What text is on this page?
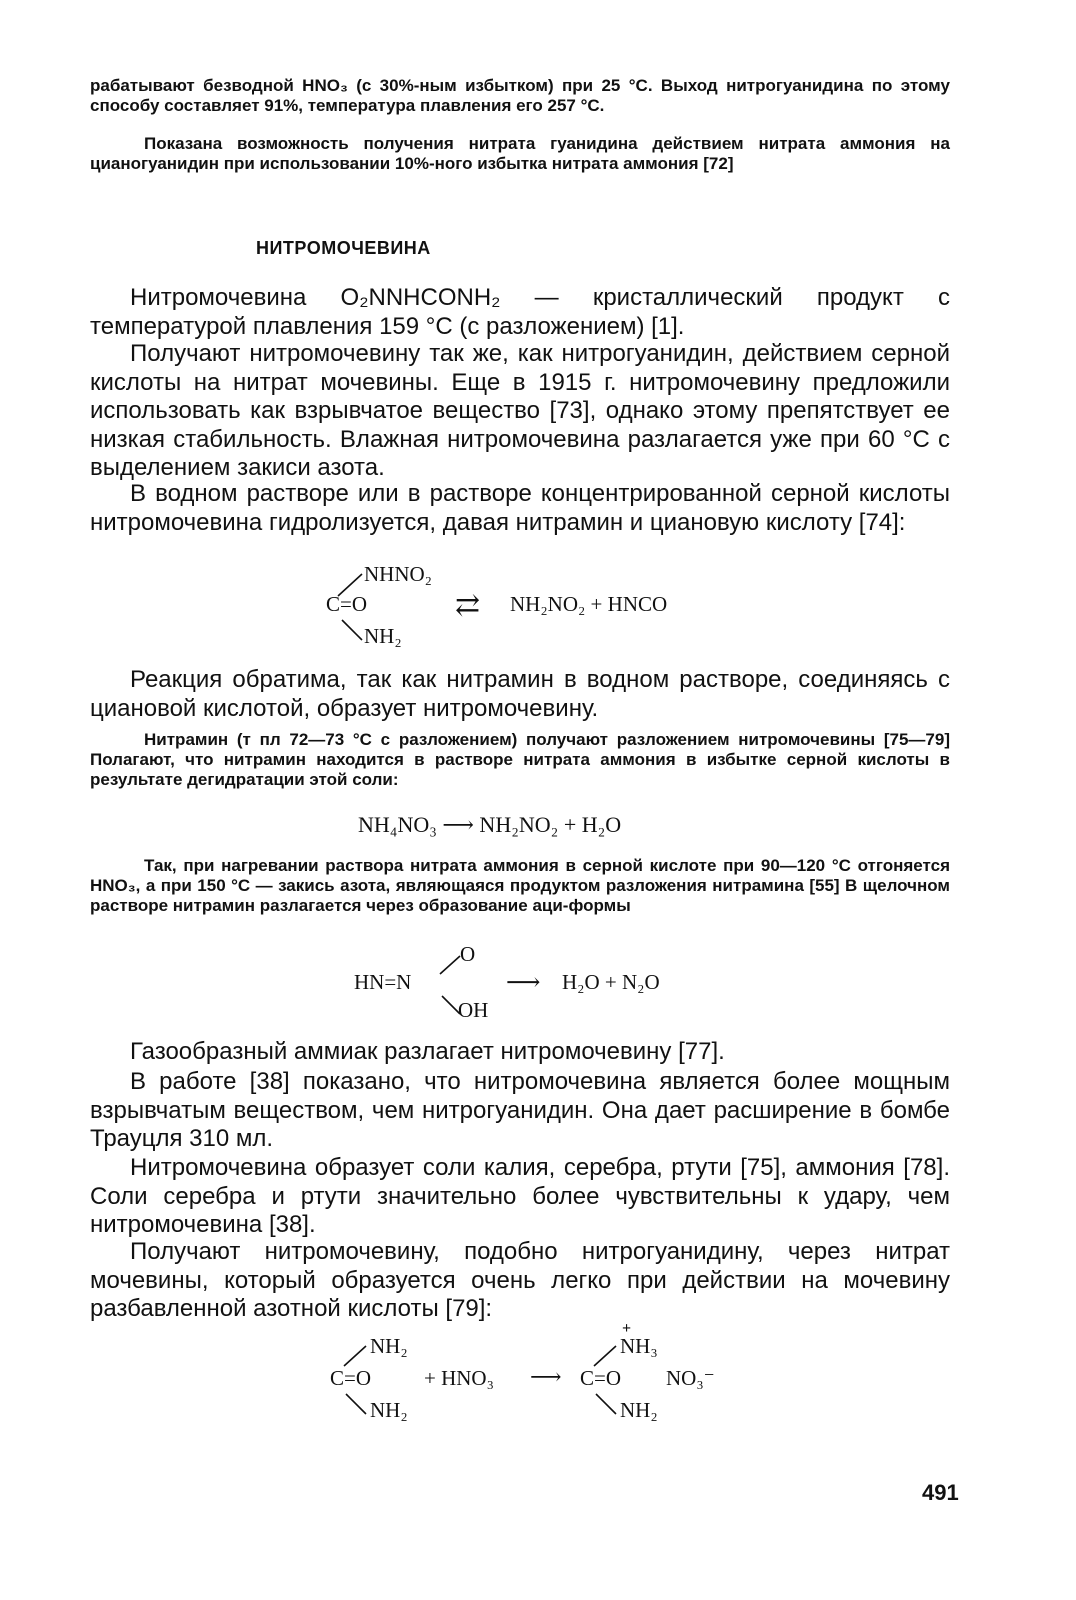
рабатывают безводной HNO₃ (с 30%-ным избытком) при 25 °С. Выход нитрогуанидина по этому способу составляет 91%, температура плавления его 257 °С.

Показана возможность получения нитрата гуанидина действием нитрата аммония на цианогуанидин при использовании 10%-ного избытка нитрата аммония [72]

НИТРОМОЧЕВИНА

Нитромочевина O₂NNHCONH₂ — кристаллический продукт с температурой плавления 159 °С (с разложением) [1].

Получают нитромочевину так же, как нитрогуанидин, действием серной кислоты на нитрат мочевины. Еще в 1915 г. нитромочевину предложили использовать как взрывчатое вещество [73], однако этому препятствует ее низкая стабильность. Влажная нитромочевина разлагается уже при 60 °С с выделением закиси азота.

В водном растворе или в растворе концентрированной серной кислоты нитромочевина гидролизуется, давая нитрамин и циановую кислоту [74]:

NHNO₂
C=O
NH₂
⇄ NH₂NO₂ + HNCO

Реакция обратима, так как нитрамин в водном растворе, соединяясь с циановой кислотой, образует нитромочевину.

Нитрамин (т пл 72—73 °С с разложением) получают разложением нитромочевины [75—79] Полагают, что нитрамин находится в растворе нитрата аммония в избытке серной кислоты в результате дегидратации этой соли:

NH₄NO₃ ⟶ NH₂NO₂ + H₂O

Так, при нагревании раствора нитрата аммония в серной кислоте при 90—120 °С отгоняется HNO₃, а при 150 °С — закись азота, являющаяся продуктом разложения нитрамина [55] В щелочном растворе нитрамин разлагается через образование аци-формы

HN=N
O
OH
⟶ H₂O + N₂O

Газообразный аммиак разлагает нитромочевину [77].

В работе [38] показано, что нитромочевина является более мощным взрывчатым веществом, чем нитрогуанидин. Она дает расширение в бомбе Трауцля 310 мл.

Нитромочевина образует соли калия, серебра, ртути [75], аммония [78]. Соли серебра и ртути значительно более чувствительны к удару, чем нитромочевина [38].

Получают нитромочевину, подобно нитрогуанидину, через нитрат мочевины, который образуется очень легко при действии на мочевину разбавленной азотной кислоты [79]:

NH₂
C=O
NH₂
+ HNO₃ ⟶
+
NH₃
C=O
NH₂
NO₃⁻
491
